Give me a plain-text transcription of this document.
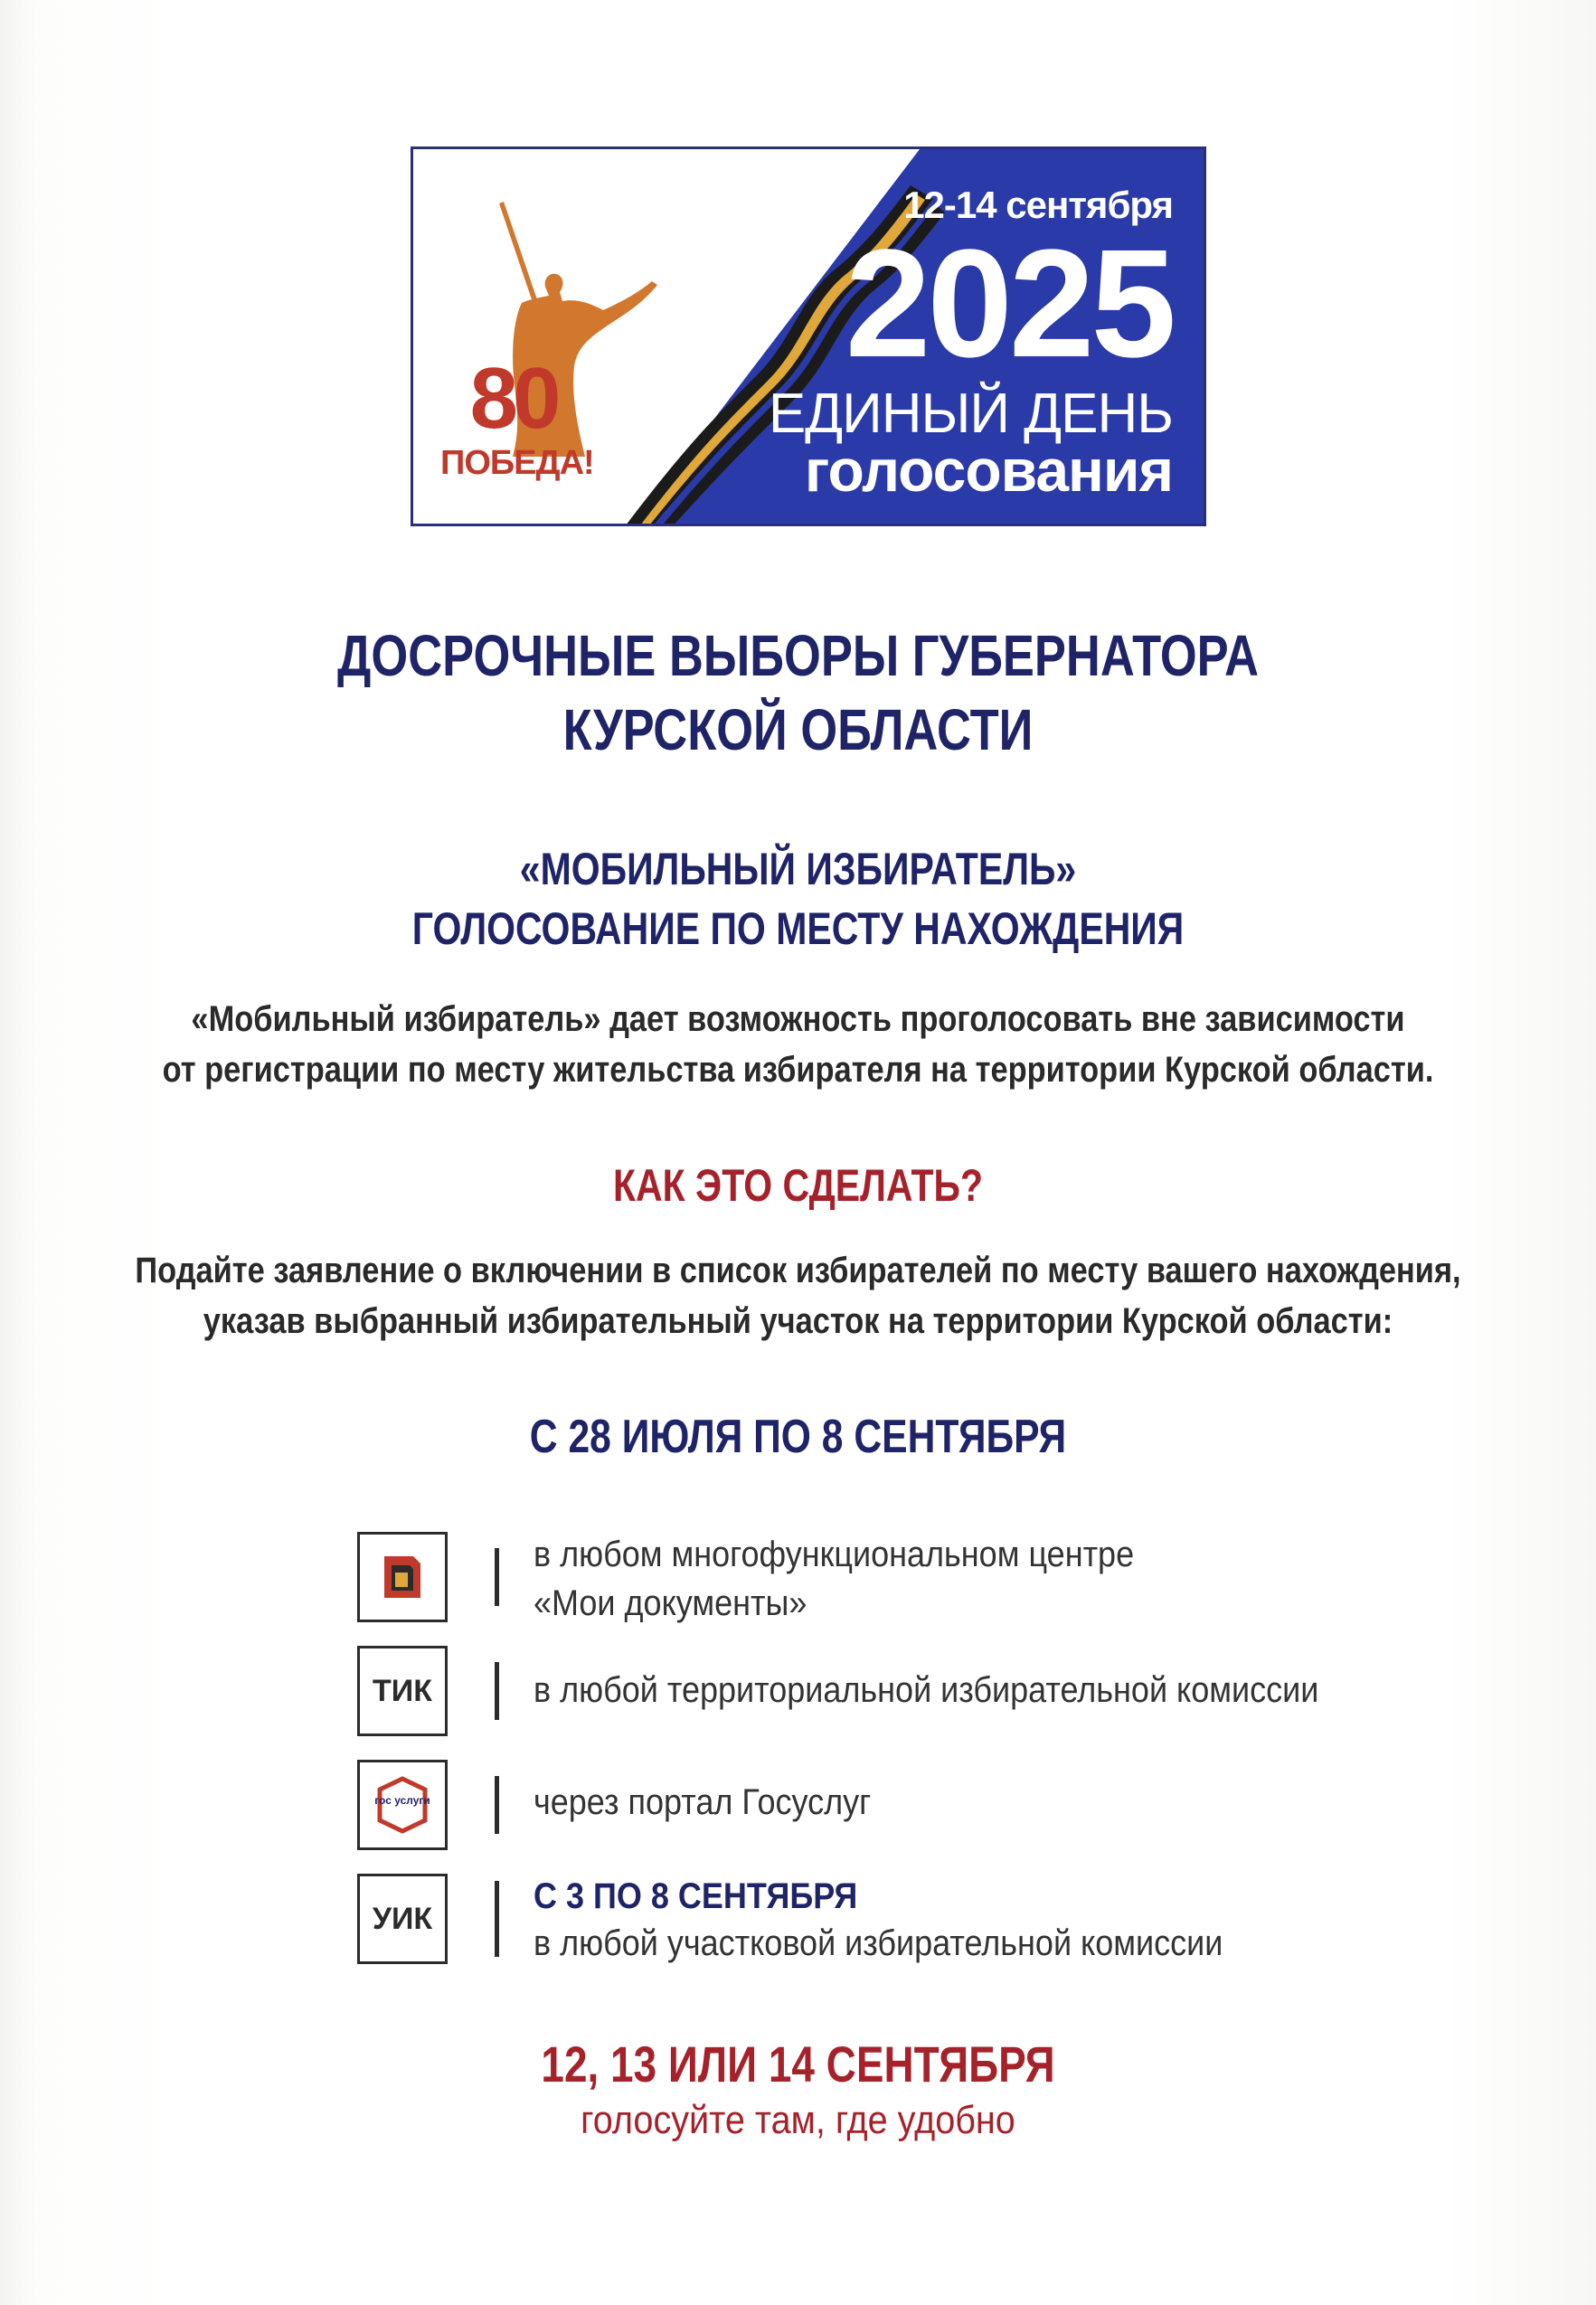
80
ПОБЕДА!
12-14 сентября
2025
ЕДИНЫЙ ДЕНЬ
голосования
ДОСРОЧНЫЕ ВЫБОРЫ ГУБЕРНАТОРА
КУРСКОЙ ОБЛАСТИ
«МОБИЛЬНЫЙ ИЗБИРАТЕЛЬ»
ГОЛОСОВАНИЕ ПО МЕСТУ НАХОЖДЕНИЯ
«Мобильный избиратель» дает возможность проголосовать вне зависимости
от регистрации по месту жительства избирателя на территории Курской области.
КАК ЭТО СДЕЛАТЬ?
Подайте заявление о включении в список избирателей по месту вашего нахождения,
указав выбранный избирательный участок на территории Курской области:
С 28 ИЮЛЯ ПО 8 СЕНТЯБРЯ
в любом многофункциональном центре
«Мои документы»
ТИК	в любой территориальной избирательной комиссии
гос услуги	через портал Госуслуг
УИК
С 3 ПО 8 СЕНТЯБРЯ
в любой участковой избирательной комиссии
12, 13 ИЛИ 14 СЕНТЯБРЯ
голосуйте там, где удобно
